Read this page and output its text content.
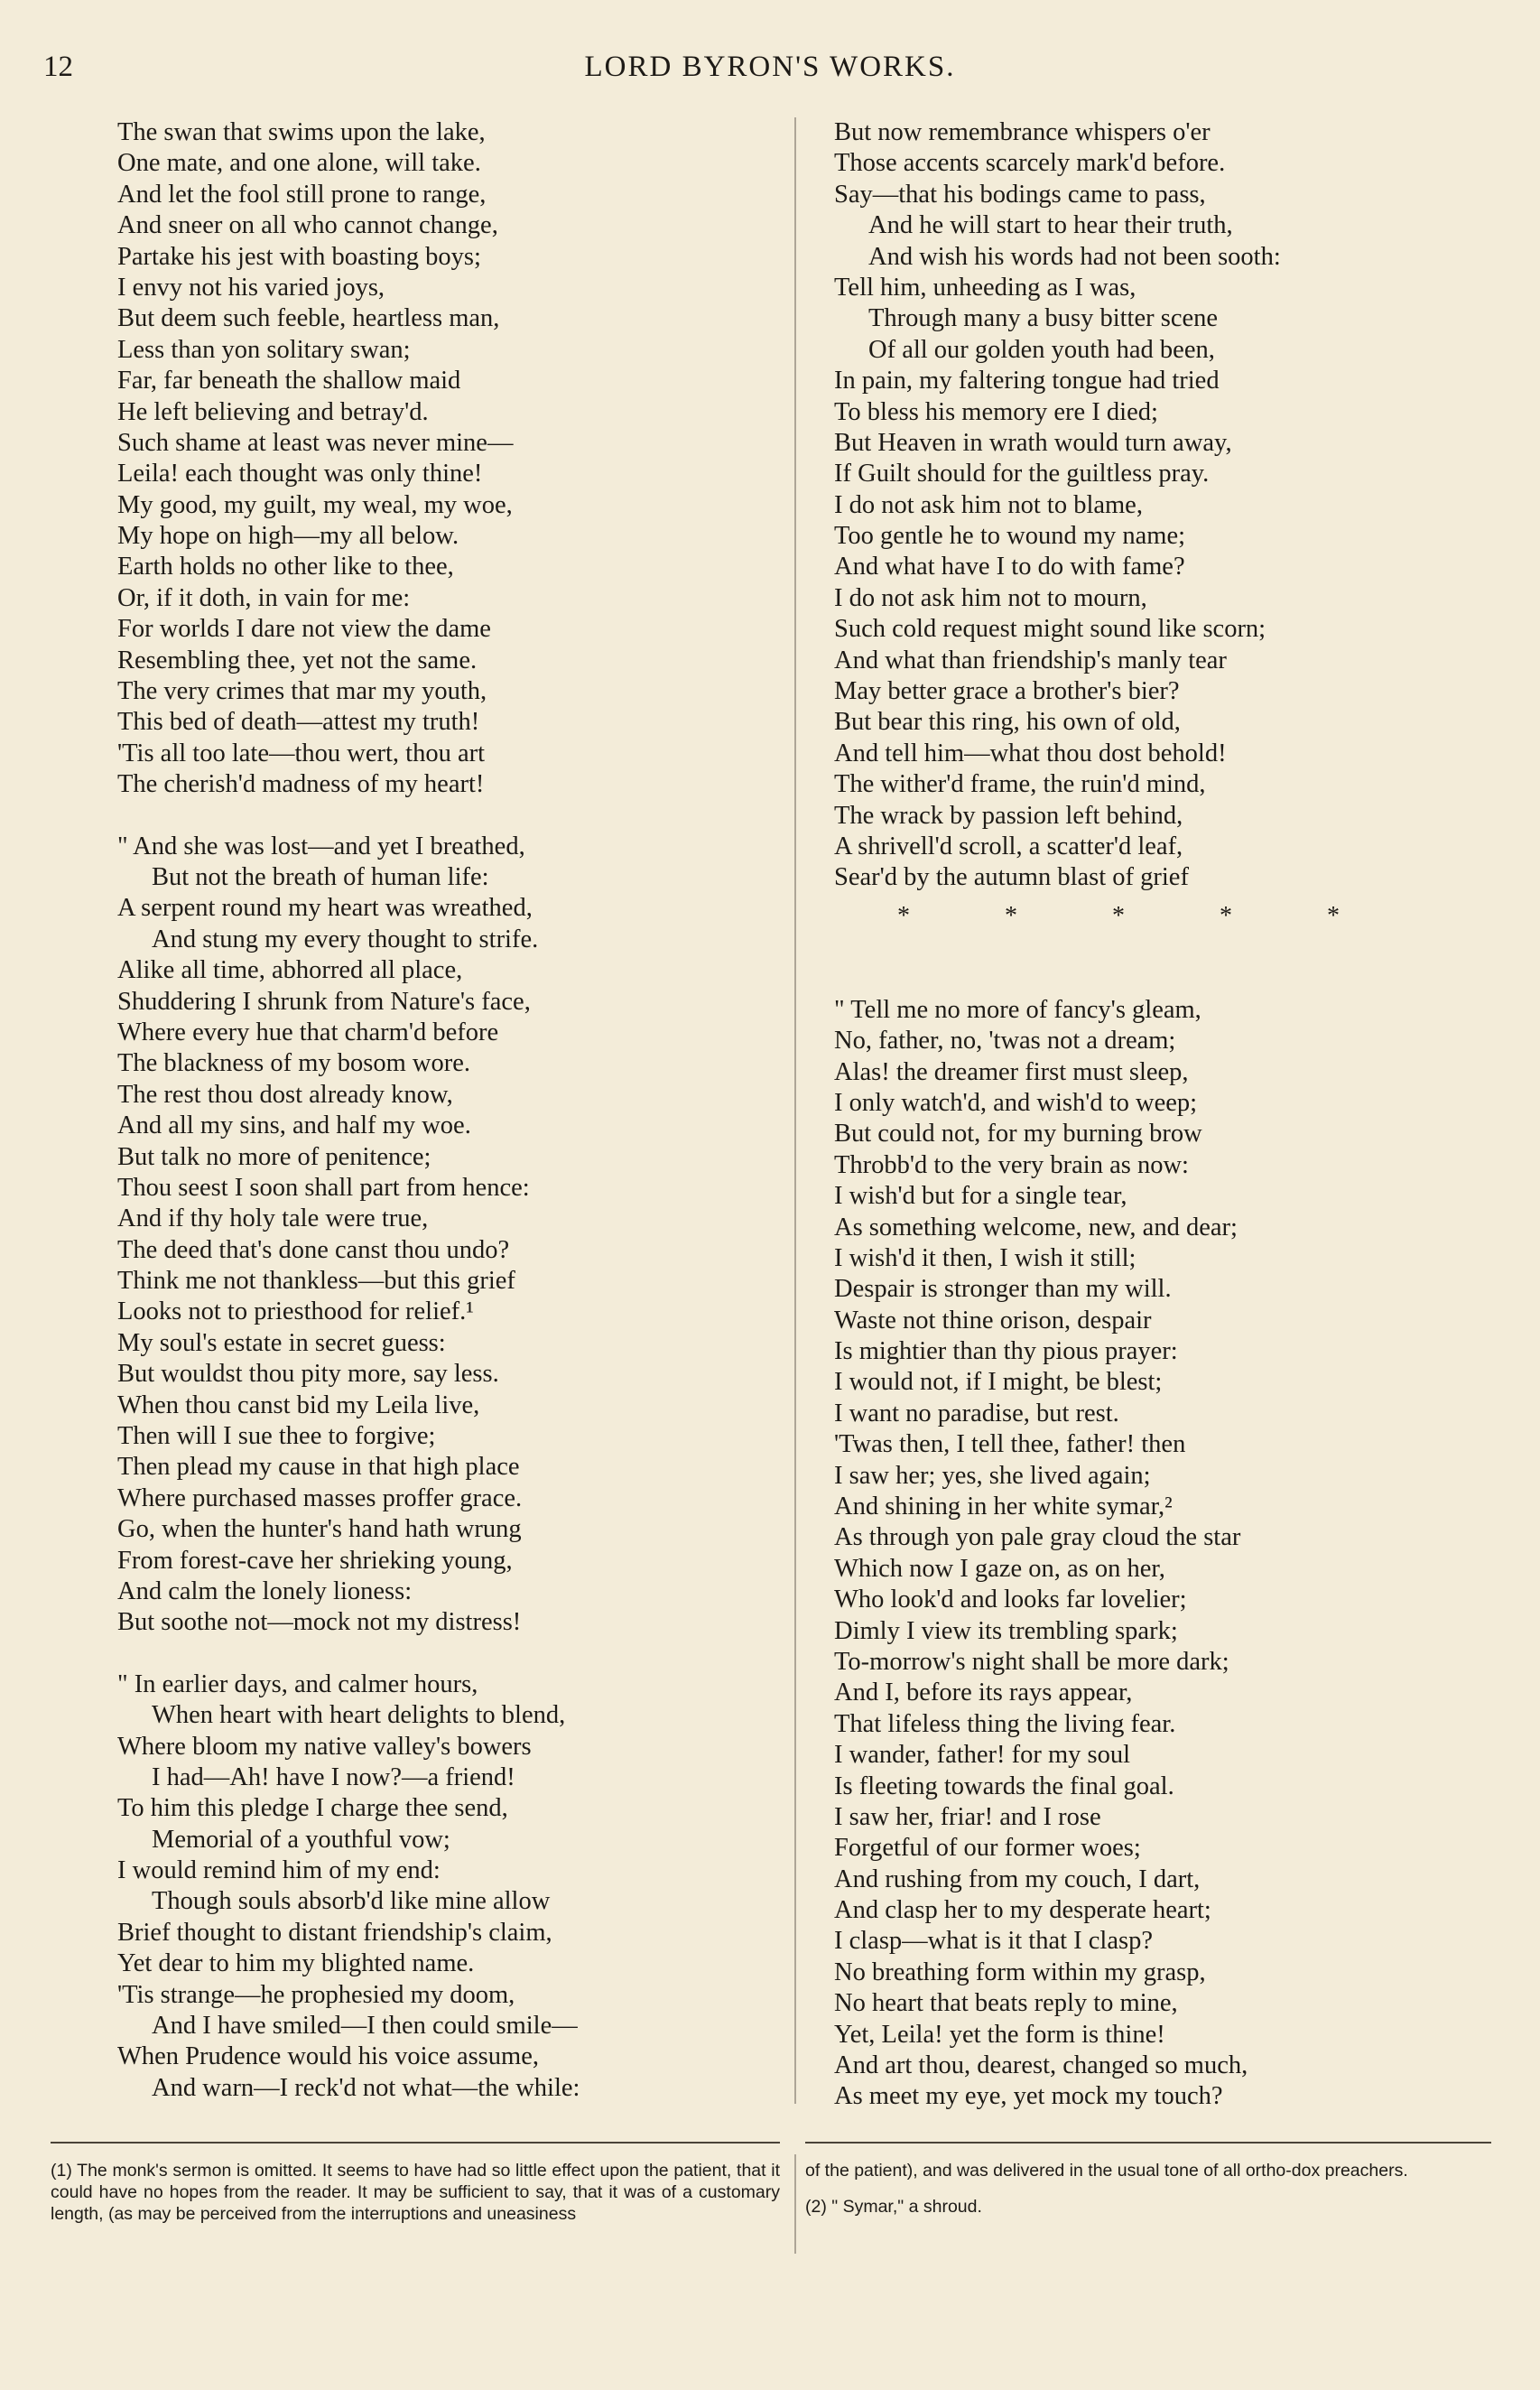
12	LORD BYRON'S WORKS.
The swan that swims upon the lake,
One mate, and one alone, will take.
And let the fool still prone to range,
And sneer on all who cannot change,
Partake his jest with boasting boys;
I envy not his varied joys,
But deem such feeble, heartless man,
Less than yon solitary swan;
Far, far beneath the shallow maid
He left believing and betray'd.
Such shame at least was never mine—
Leila! each thought was only thine!
My good, my guilt, my weal, my woe,
My hope on high—my all below.
Earth holds no other like to thee,
Or, if it doth, in vain for me:
For worlds I dare not view the dame
Resembling thee, yet not the same.
The very crimes that mar my youth,
This bed of death—attest my truth!
'Tis all too late—thou wert, thou art
The cherish'd madness of my heart!
" And she was lost—and yet I breathed,
But not the breath of human life:
A serpent round my heart was wreathed,
And stung my every thought to strife.
Alike all time, abhorred all place,
Shuddering I shrunk from Nature's face,
Where every hue that charm'd before
The blackness of my bosom wore.
The rest thou dost already know,
And all my sins, and half my woe.
But talk no more of penitence;
Thou seest I soon shall part from hence:
And if thy holy tale were true,
The deed that's done canst thou undo?
Think me not thankless—but this grief
Looks not to priesthood for relief.¹
My soul's estate in secret guess:
But wouldst thou pity more, say less.
When thou canst bid my Leila live,
Then will I sue thee to forgive;
Then plead my cause in that high place
Where purchased masses proffer grace.
Go, when the hunter's hand hath wrung
From forest-cave her shrieking young,
And calm the lonely lioness:
But soothe not—mock not my distress!
" In earlier days, and calmer hours,
When heart with heart delights to blend,
Where bloom my native valley's bowers
I had—Ah! have I now?—a friend!
To him this pledge I charge thee send,
Memorial of a youthful vow;
I would remind him of my end:
Though souls absorb'd like mine allow
Brief thought to distant friendship's claim,
Yet dear to him my blighted name.
'Tis strange—he prophesied my doom,
And I have smiled—I then could smile—
When Prudence would his voice assume,
And warn—I reck'd not what—the while:
But now remembrance whispers o'er
Those accents scarcely mark'd before.
Say—that his bodings came to pass,
And he will start to hear their truth,
And wish his words had not been sooth:
Tell him, unheeding as I was,
Through many a busy bitter scene
Of all our golden youth had been,
In pain, my faltering tongue had tried
To bless his memory ere I died;
But Heaven in wrath would turn away,
If Guilt should for the guiltless pray.
I do not ask him not to blame,
Too gentle he to wound my name;
And what have I to do with fame?
I do not ask him not to mourn,
Such cold request might sound like scorn;
And what than friendship's manly tear
May better grace a brother's bier?
But bear this ring, his own of old,
And tell him—what thou dost behold!
The wither'd frame, the ruin'd mind,
The wrack by passion left behind,
A shrivell'd scroll, a scatter'd leaf,
Sear'd by the autumn blast of grief
*	*	*	*	*
" Tell me no more of fancy's gleam,
No, father, no, 'twas not a dream;
Alas! the dreamer first must sleep,
I only watch'd, and wish'd to weep;
But could not, for my burning brow
Throbb'd to the very brain as now:
I wish'd but for a single tear,
As something welcome, new, and dear;
I wish'd it then, I wish it still;
Despair is stronger than my will.
Waste not thine orison, despair
Is mightier than thy pious prayer:
I would not, if I might, be blest;
I want no paradise, but rest.
'Twas then, I tell thee, father! then
I saw her; yes, she lived again;
And shining in her white symar,²
As through yon pale gray cloud the star
Which now I gaze on, as on her,
Who look'd and looks far lovelier;
Dimly I view its trembling spark;
To-morrow's night shall be more dark;
And I, before its rays appear,
That lifeless thing the living fear.
I wander, father! for my soul
Is fleeting towards the final goal.
I saw her, friar! and I rose
Forgetful of our former woes;
And rushing from my couch, I dart,
And clasp her to my desperate heart;
I clasp—what is it that I clasp?
No breathing form within my grasp,
No heart that beats reply to mine,
Yet, Leila! yet the form is thine!
And art thou, dearest, changed so much,
As meet my eye, yet mock my touch?
(1) The monk's sermon is omitted. It seems to have had so little effect upon the patient, that it could have no hopes from the reader. It may be sufficient to say, that it was of a customary length, (as may be perceived from the interruptions and uneasiness
of the patient), and was delivered in the usual tone of all ortho-dox preachers.
(2) " Symar," a shroud.
